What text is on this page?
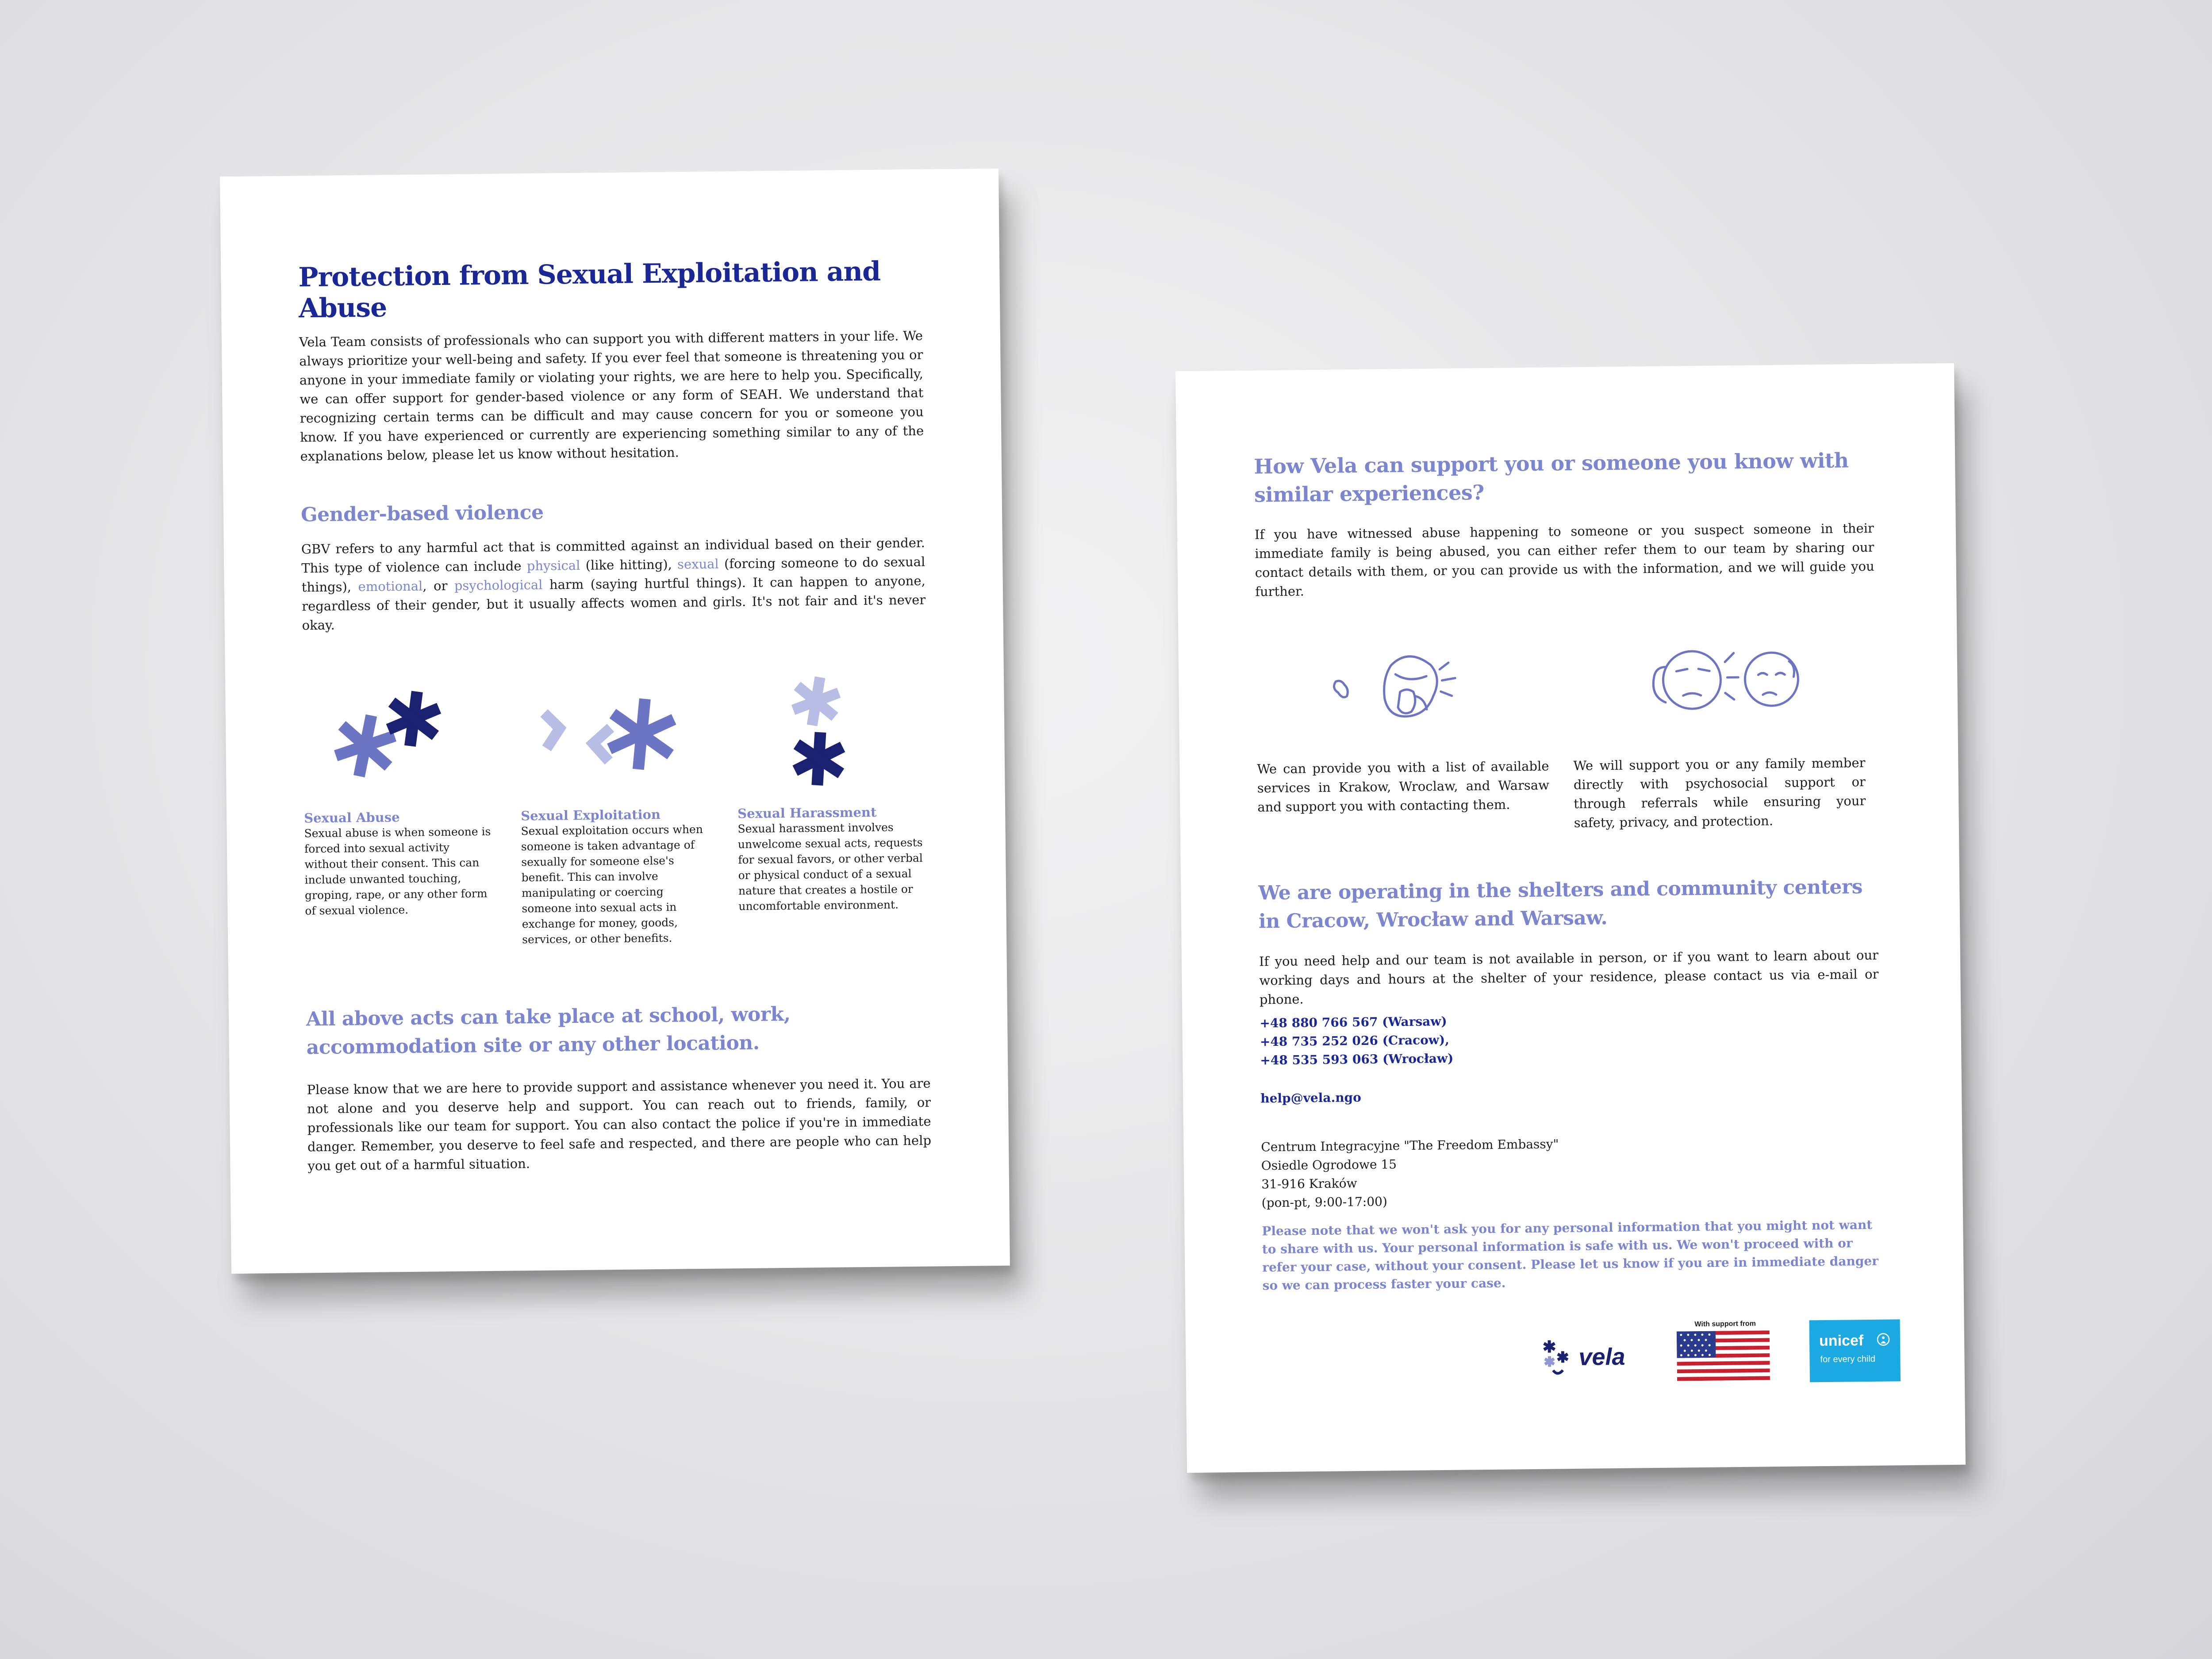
Protection from Sexual Exploitation and Abuse
Vela Team consists of professionals who can support you with different matters in your life. We always prioritize your well-being and safety. If you ever feel that someone is threatening you or anyone in your immediate family or violating your rights, we are here to help you. Specifically, we can offer support for gender-based violence or any form of SEAH. We understand that recognizing certain terms can be difficult and may cause concern for you or someone you know. If you have experienced or currently are experiencing something similar to any of the explanations below, please let us know without hesitation.
Gender-based violence
GBV refers to any harmful act that is committed against an individual based on their gender. This type of violence can include physical (like hitting), sexual (forcing someone to do sexual things), emotional, or psychological harm (saying hurtful things). It can happen to anyone, regardless of their gender, but it usually affects women and girls. It's not fair and it's never okay.
Sexual Abuse
Sexual abuse is when someone is forced into sexual activity without their consent. This can include unwanted touching, groping, rape, or any other form of sexual violence.
Sexual Exploitation
Sexual exploitation occurs when someone is taken advantage of sexually for someone else's benefit. This can involve manipulating or coercing someone into sexual acts in exchange for money, goods, services, or other benefits.
Sexual Harassment
Sexual harassment involves unwelcome sexual acts, requests for sexual favors, or other verbal or physical conduct of a sexual nature that creates a hostile or uncomfortable environment.
All above acts can take place at school, work, accommodation site or any other location.
Please know that we are here to provide support and assistance whenever you need it. You are not alone and you deserve help and support. You can reach out to friends, family, or professionals like our team for support. You can also contact the police if you're in immediate danger. Remember, you deserve to feel safe and respected, and there are people who can help you get out of a harmful situation.
How Vela can support you or someone you know with similar experiences?
If you have witnessed abuse happening to someone or you suspect someone in their immediate family is being abused, you can either refer them to our team by sharing our contact details with them, or you can provide us with the information, and we will guide you further.
We can provide you with a list of available services in Krakow, Wroclaw, and Warsaw and support you with contacting them.
We will support you or any family member directly with psychosocial support or through referrals while ensuring your safety, privacy, and protection.
We are operating in the shelters and community centers
in Cracow, Wrocław and Warsaw.
If you need help and our team is not available in person, or if you want to learn about our working days and hours at the shelter of your residence, please contact us via e-mail or phone.
+48 880 766 567 (Warsaw)
+48 735 252 026 (Cracow),
+48 535 593 063 (Wrocław)
help@vela.ngo
Centrum Integracyjne "The Freedom Embassy"
Osiedle Ogrodowe 15
31-916 Kraków
(pon-pt, 9:00-17:00)
Please note that we won't ask you for any personal information that you might not want to share with us. Your personal information is safe with us. We won't proceed with or refer your case, without your consent. Please let us know if you are in immediate danger so we can process faster your case.
vela
With support from
unicef
for every child
